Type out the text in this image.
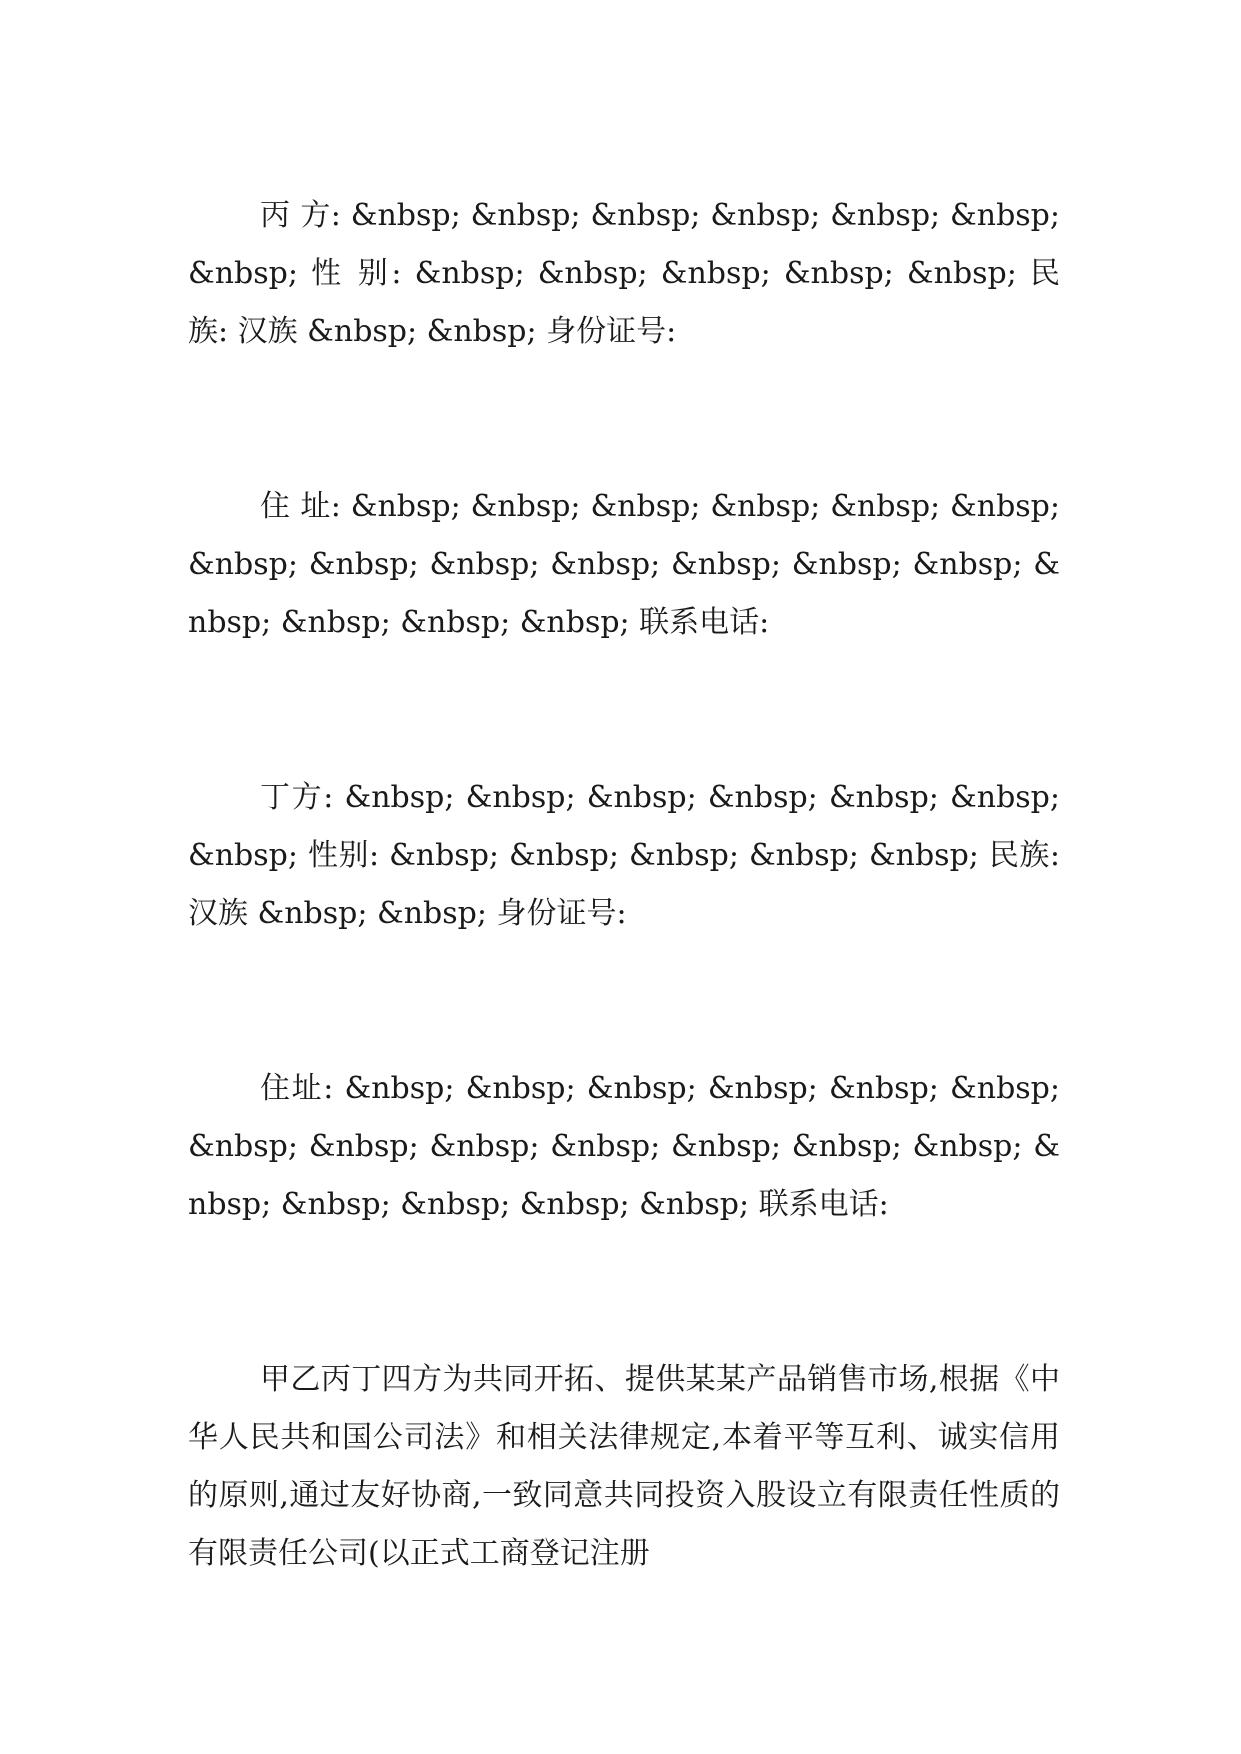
丙 方: &nbsp; &nbsp; &nbsp; &nbsp; &nbsp; &nbsp; &nbsp; 性 别: &nbsp; &nbsp; &nbsp; &nbsp; &nbsp; 民 族: 汉族 &nbsp; &nbsp; 身份证号:

住 址: &nbsp; &nbsp; &nbsp; &nbsp; &nbsp; &nbsp; &nbsp; &nbsp; &nbsp; &nbsp; &nbsp; &nbsp; &nbsp; &nbsp; &nbsp; &nbsp; &nbsp; 联系电话:

丁方: &nbsp; &nbsp; &nbsp; &nbsp; &nbsp; &nbsp; &nbsp; 性别: &nbsp; &nbsp; &nbsp; &nbsp; &nbsp; 民族: 汉族 &nbsp; &nbsp; 身份证号:

住址: &nbsp; &nbsp; &nbsp; &nbsp; &nbsp; &nbsp; &nbsp; &nbsp; &nbsp; &nbsp; &nbsp; &nbsp; &nbsp; &nbsp; &nbsp; &nbsp; &nbsp; &nbsp; 联系电话:

甲乙丙丁四方为共同开拓、提供某某产品销售市场,根据《中华人民共和国公司法》和相关法律规定,本着平等互利、诚实信用的原则,通过友好协商,一致同意共同投资入股设立有限责任性质的 有限责任公司(以正式工商登记注册
